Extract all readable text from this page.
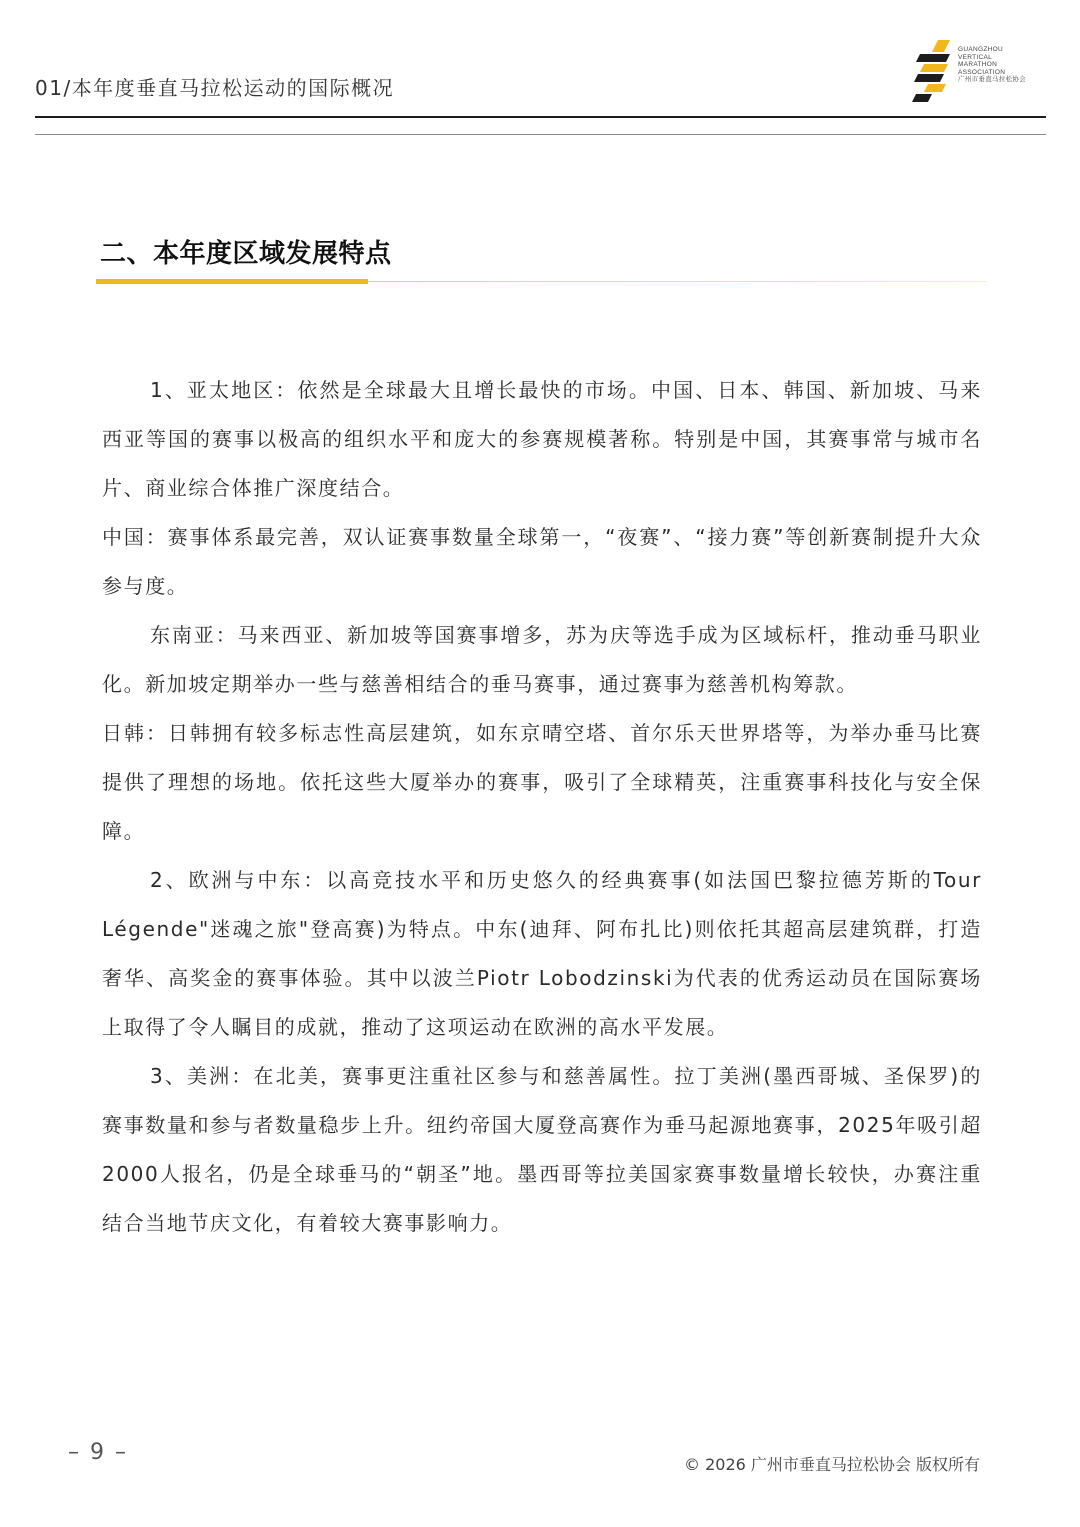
01/本年度垂直马拉松运动的国际概况
GUANGZHOU
VERTICAL
MARATHON
ASSOCIATION
广州市垂直马拉松协会
二、本年度区域发展特点

1、亚太地区：依然是全球最大且增长最快的市场。中国、日本、韩国、新加坡、马来西亚等国的赛事以极高的组织水平和庞大的参赛规模著称。特别是中国，其赛事常与城市名片、商业综合体推广深度结合。

中国：赛事体系最完善，双认证赛事数量全球第一，“夜赛”、“接力赛”等创新赛制提升大众参与度。

东南亚：马来西亚、新加坡等国赛事增多，苏为庆等选手成为区域标杆，推动垂马职业化。新加坡定期举办一些与慈善相结合的垂马赛事，通过赛事为慈善机构筹款。

日韩：日韩拥有较多标志性高层建筑，如东京晴空塔、首尔乐天世界塔等，为举办垂马比赛提供了理想的场地。依托这些大厦举办的赛事，吸引了全球精英，注重赛事科技化与安全保障。

2、欧洲与中东：以高竞技水平和历史悠久的经典赛事(如法国巴黎拉德芳斯的Tour Légende"迷魂之旅"登高赛)为特点。中东(迪拜、阿布扎比)则依托其超高层建筑群，打造奢华、高奖金的赛事体验。其中以波兰Piotr Lobodzinski为代表的优秀运动员在国际赛场上取得了令人瞩目的成就，推动了这项运动在欧洲的高水平发展。

3、美洲：在北美，赛事更注重社区参与和慈善属性。拉丁美洲(墨西哥城、圣保罗)的赛事数量和参与者数量稳步上升。纽约帝国大厦登高赛作为垂马起源地赛事，2025年吸引超2000人报名，仍是全球垂马的“朝圣”地。墨西哥等拉美国家赛事数量增长较快，办赛注重结合当地节庆文化，有着较大赛事影响力。

– 9 –	© 2026 广州市垂直马拉松协会 版权所有
